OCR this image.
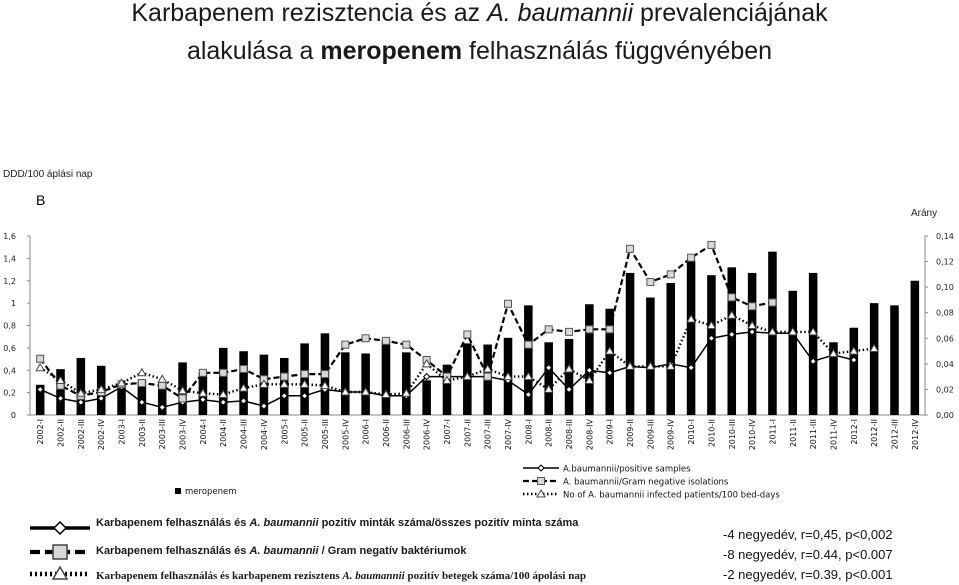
Karbapenem rezisztencia és az A. baumannii prevalenciájának
alakulása a meropenem felhasználás függvényében
DDD/100 áplási nap
B
Arány
0
0,2
0,4
0,6
0,8
1
1,2
1,4
1,6
0,00
0,02
0,04
0,06
0,08
0,10
0,12
0,14
2002-I 2002-II 2002-III 2002-IV 2003-I 2003-II 2003-III 2003-IV 2004-I 2004-II 2004-III 2004-IV 2005-I 2005-II 2005-III 2005-IV 2006-I 2006-II 2006-III 2006-IV 2007-I 2007-II 2007-III 2007-IV 2008-I 2008-II 2008-III 2008-IV 2009-I 2009-II 2009-III 2009-IV 2010-I 2010-II 2010-III 2010-IV 2011-I 2011-II 2011-III 2011-IV 2012-I 2012-II 2012-III 2012-IV
A.baumannii/positive samples
A. baumannii/Gram negative isolations
No of A. baumannii infected patients/100 bed-days
meropenem
Karbapenem felhasználás és A. baumannii pozitív minták száma/összes pozitív minta száma
Karbapenem felhasználás és A. baumannii / Gram negatív baktériumok
Karbapenem felhasználás és karbapenem rezisztens A. baumannii pozitív betegek száma/100 ápolási nap
-4 negyedév, r=0,45, p<0,002
-8 negyedév, r=0.44, p<0.007
-2 negyedév, r=0.39, p<0.001
